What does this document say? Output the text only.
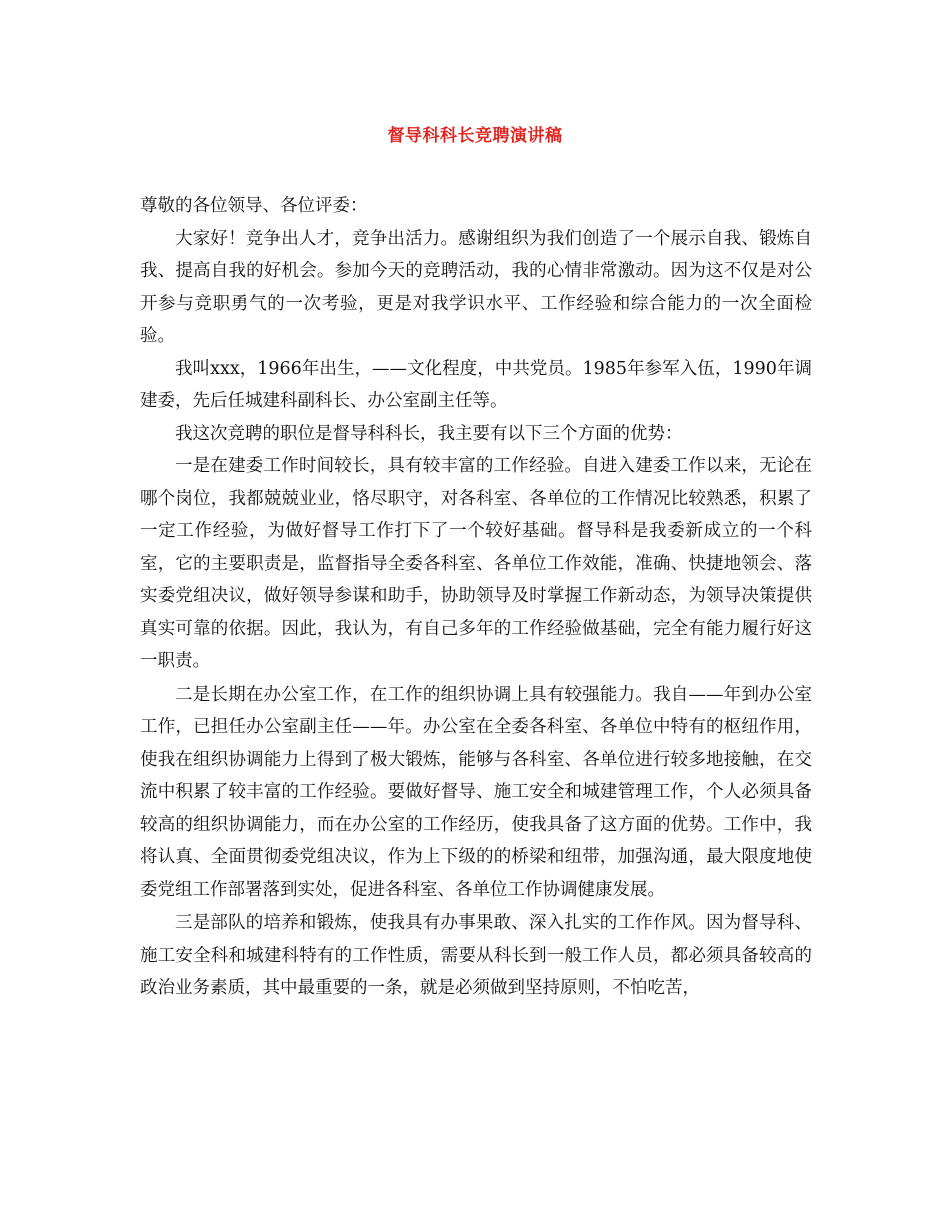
督导科科长竞聘演讲稿

尊敬的各位领导、各位评委：

大家好！竞争出人才，竞争出活力。感谢组织为我们创造了一个展示自我、锻炼自我、提高自我的好机会。参加今天的竞聘活动，我的心情非常激动。因为这不仅是对公开参与竞职勇气的一次考验，更是对我学识水平、工作经验和综合能力的一次全面检验。

我叫xxx，1966年出生，——文化程度，中共党员。1985年参军入伍，1990年调建委，先后任城建科副科长、办公室副主任等。

我这次竞聘的职位是督导科科长，我主要有以下三个方面的优势：

一是在建委工作时间较长，具有较丰富的工作经验。自进入建委工作以来，无论在哪个岗位，我都兢兢业业，恪尽职守，对各科室、各单位的工作情况比较熟悉，积累了一定工作经验，为做好督导工作打下了一个较好基础。督导科是我委新成立的一个科室，它的主要职责是，监督指导全委各科室、各单位工作效能，准确、快捷地领会、落实委党组决议，做好领导参谋和助手，协助领导及时掌握工作新动态，为领导决策提供真实可靠的依据。因此，我认为，有自己多年的工作经验做基础，完全有能力履行好这一职责。

二是长期在办公室工作，在工作的组织协调上具有较强能力。我自——年到办公室工作，已担任办公室副主任——年。办公室在全委各科室、各单位中特有的枢纽作用，使我在组织协调能力上得到了极大锻炼，能够与各科室、各单位进行较多地接触，在交流中积累了较丰富的工作经验。要做好督导、施工安全和城建管理工作，个人必须具备较高的组织协调能力，而在办公室的工作经历，使我具备了这方面的优势。工作中，我将认真、全面贯彻委党组决议，作为上下级的的桥梁和纽带，加强沟通，最大限度地使委党组工作部署落到实处，促进各科室、各单位工作协调健康发展。

三是部队的培养和锻炼，使我具有办事果敢、深入扎实的工作作风。因为督导科、施工安全科和城建科特有的工作性质，需要从科长到一般工作人员，都必须具备较高的政治业务素质，其中最重要的一条，就是必须做到坚持原则，不怕吃苦，
